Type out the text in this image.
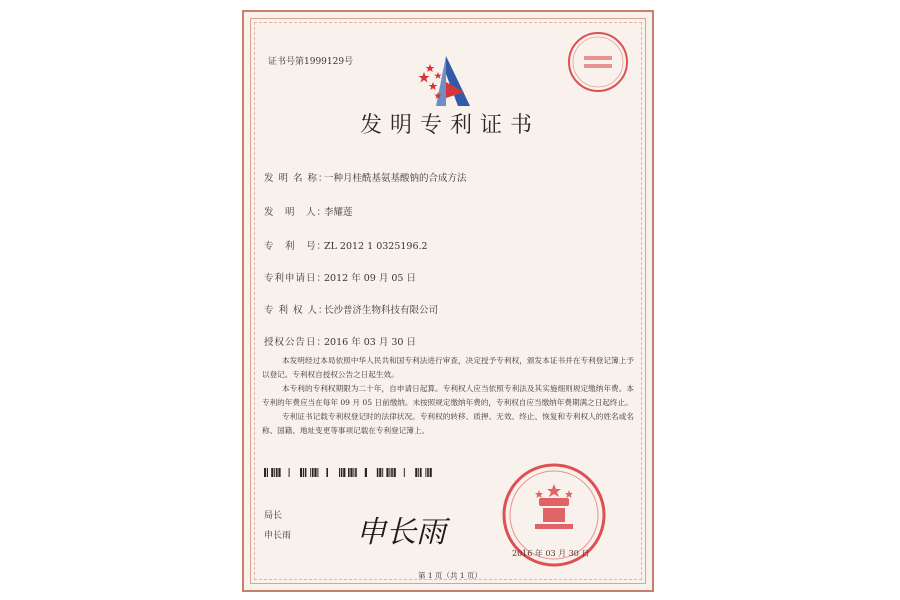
证书号第1999129号
发明专利证书
发 明 名 称：一种月桂酰基氨基酸钠的合成方法
发　明　人：李耀莲
专　利　号：ZL 2012 1 0325196.2
专利申请日：2012 年 09 月 05 日
专 利 权 人：长沙普济生物科技有限公司
授权公告日：2016 年 03 月 30 日

本发明经过本局依照中华人民共和国专利法进行审查，决定授予专利权，颁发本证书并在专利登记簿上予以登记。专利权自授权公告之日起生效。

本专利的专利权期限为二十年，自申请日起算。专利权人应当依照专利法及其实施细则规定缴纳年费。本专利的年费应当在每年 09 月 05 日前缴纳。未按照规定缴纳年费的，专利权自应当缴纳年费期满之日起终止。

专利证书记载专利权登记时的法律状况。专利权的转移、质押、无效、终止、恢复和专利权人的姓名或名称、国籍、地址变更等事项记载在专利登记簿上。

局长
申长雨 申长雨
2016 年 03 月 30 日
第 1 页（共 1 页）
